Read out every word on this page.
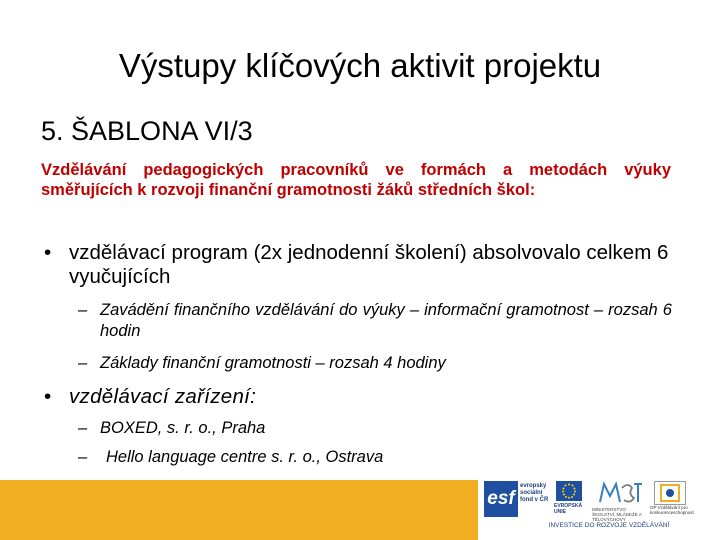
Výstupy klíčových aktivit projektu
5. ŠABLONA VI/3
Vzdělávání pedagogických pracovníků ve formách a metodách výuky směřujících k rozvoji finanční gramotnosti žáků středních škol:
• vzdělávací program (2x jednodenní školení) absolvovalo celkem 6 vyučujících
– Zavádění finančního vzdělávání do výuky – informační gramotnost – rozsah 6 hodin
– Základy finanční gramotnosti – rozsah 4 hodiny
• vzdělávací zařízení:
– BOXED, s. r. o., Praha
– Hello language centre s. r. o., Ostrava
esf
evropský sociální fond v ČR
EVROPSKÁ UNIE	MINISTERSTVO ŠKOLSTVÍ, MLÁDEŽE A TĚLOVÝCHOVY
OP Vzdělávání pro konkurenceschopnost
INVESTICE DO ROZVOJE VZDĚLÁVÁNÍ
